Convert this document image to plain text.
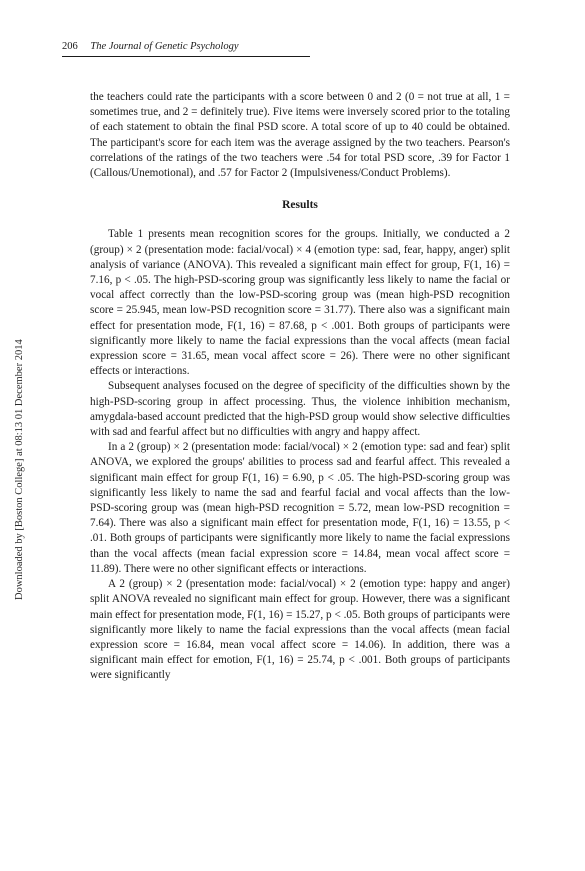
206 The Journal of Genetic Psychology
Downloaded by [Boston College] at 08:13 01 December 2014

the teachers could rate the participants with a score between 0 and 2 (0 = not true at all, 1 = sometimes true, and 2 = definitely true). Five items were inversely scored prior to the totaling of each statement to obtain the final PSD score. A total score of up to 40 could be obtained. The participant's score for each item was the average assigned by the two teachers. Pearson's correlations of the ratings of the two teachers were .54 for total PSD score, .39 for Factor 1 (Callous/Unemotional), and .57 for Factor 2 (Impulsiveness/Conduct Problems).

Results

Table 1 presents mean recognition scores for the groups. Initially, we conducted a 2 (group) × 2 (presentation mode: facial/vocal) × 4 (emotion type: sad, fear, happy, anger) split analysis of variance (ANOVA). This revealed a significant main effect for group, F(1, 16) = 7.16, p < .05. The high-PSD-scoring group was significantly less likely to name the facial or vocal affect correctly than the low-PSD-scoring group was (mean high-PSD recognition score = 25.945, mean low-PSD recognition score = 31.77). There also was a significant main effect for presentation mode, F(1, 16) = 87.68, p < .001. Both groups of participants were significantly more likely to name the facial expressions than the vocal affects (mean facial expression score = 31.65, mean vocal affect score = 26). There were no other significant effects or interactions.

Subsequent analyses focused on the degree of specificity of the difficulties shown by the high-PSD-scoring group in affect processing. Thus, the violence inhibition mechanism, amygdala-based account predicted that the high-PSD group would show selective difficulties with sad and fearful affect but no difficulties with angry and happy affect.

In a 2 (group) × 2 (presentation mode: facial/vocal) × 2 (emotion type: sad and fear) split ANOVA, we explored the groups' abilities to process sad and fearful affect. This revealed a significant main effect for group F(1, 16) = 6.90, p < .05. The high-PSD-scoring group was significantly less likely to name the sad and fearful facial and vocal affects than the low-PSD-scoring group was (mean high-PSD recognition = 5.72, mean low-PSD recognition = 7.64). There was also a significant main effect for presentation mode, F(1, 16) = 13.55, p < .01. Both groups of participants were significantly more likely to name the facial expressions than the vocal affects (mean facial expression score = 14.84, mean vocal affect score = 11.89). There were no other significant effects or interactions.

A 2 (group) × 2 (presentation mode: facial/vocal) × 2 (emotion type: happy and anger) split ANOVA revealed no significant main effect for group. However, there was a significant main effect for presentation mode, F(1, 16) = 15.27, p < .05. Both groups of participants were significantly more likely to name the facial expressions than the vocal affects (mean facial expression score = 16.84, mean vocal affect score = 14.06). In addition, there was a significant main effect for emotion, F(1, 16) = 25.74, p < .001. Both groups of participants were significantly
